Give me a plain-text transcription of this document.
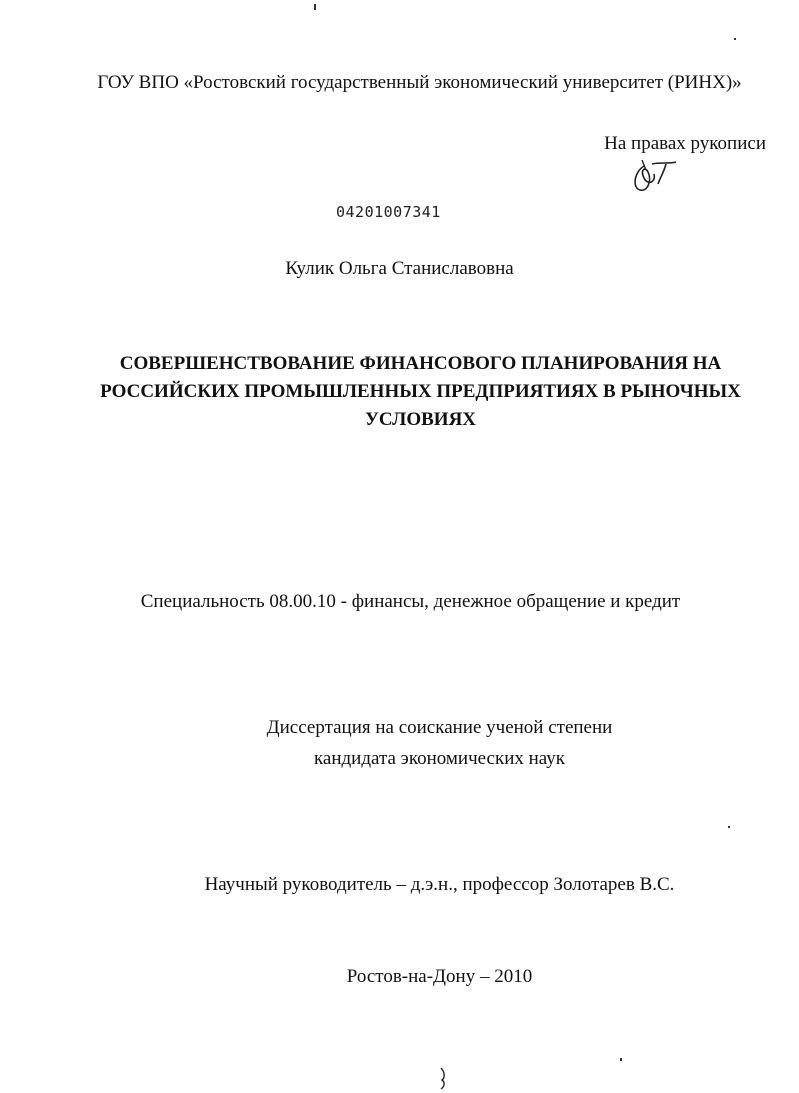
ГОУ ВПО «Ростовский государственный экономический университет (РИНХ)»
На правах рукописи
04201007341
Кулик Ольга Станиславовна
СОВЕРШЕНСТВОВАНИЕ ФИНАНСОВОГО ПЛАНИРОВАНИЯ НА
РОССИЙСКИХ ПРОМЫШЛЕННЫХ ПРЕДПРИЯТИЯХ В РЫНОЧНЫХ
УСЛОВИЯХ
Специальность 08.00.10 - финансы, денежное обращение и кредит
Диссертация на соискание ученой степени
кандидата экономических наук
Научный руководитель – д.э.н., профессор Золотарев В.С.
Ростов-на-Дону – 2010
